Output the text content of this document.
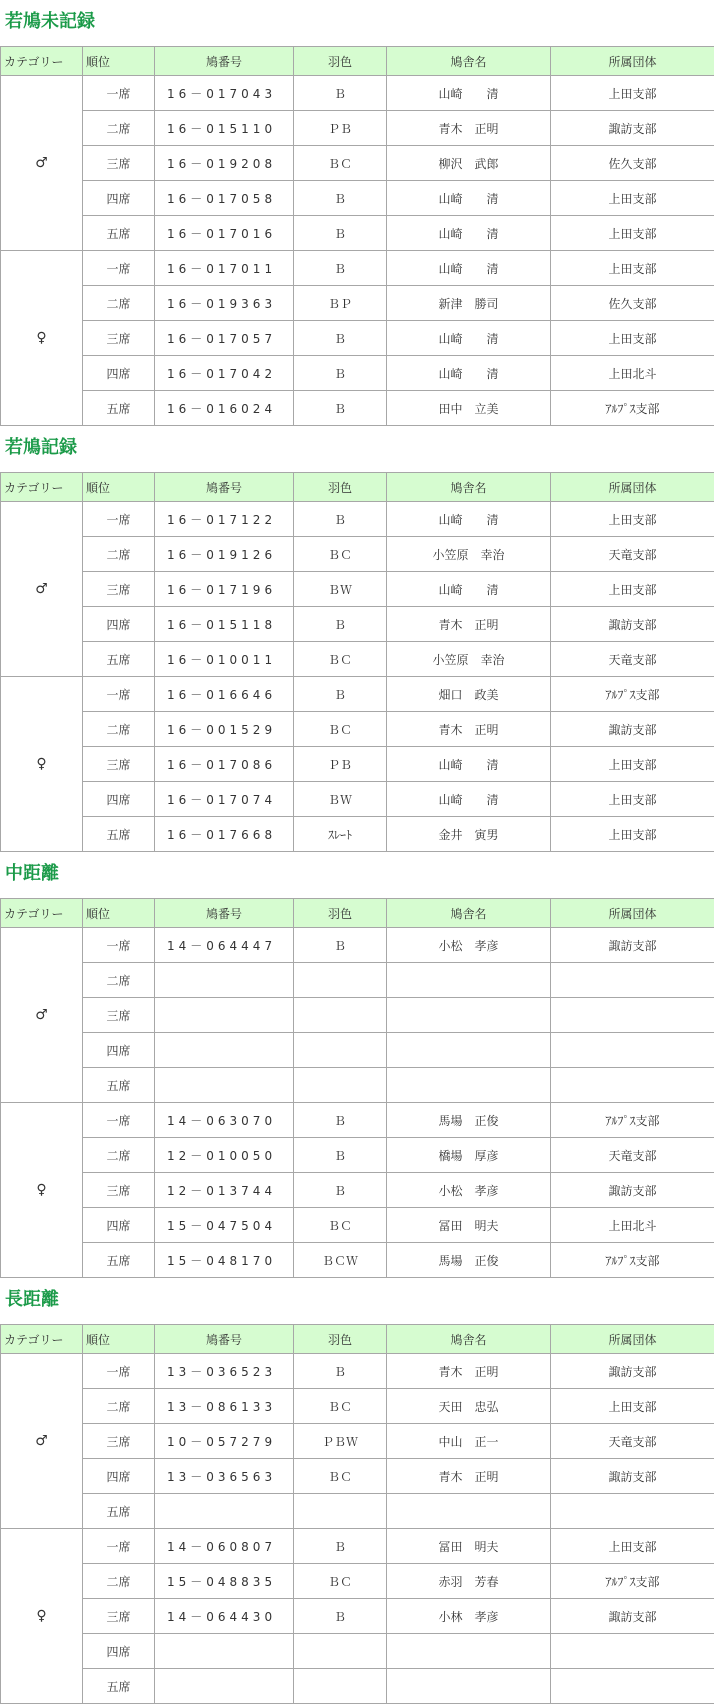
若鳩未記録
カテゴリー	順位	鳩番号	羽色	鳩舎名	所属団体
♂	一席	16－017043	Ｂ	山崎　　清	上田支部
	二席	16－015110	ＰＢ	青木　正明	諏訪支部
	三席	16－019208	ＢＣ	柳沢　武郎	佐久支部
	四席	16－017058	Ｂ	山崎　　清	上田支部
	五席	16－017016	Ｂ	山崎　　清	上田支部
♀	一席	16－017011	Ｂ	山崎　　清	上田支部
	二席	16－019363	ＢＰ	新津　勝司	佐久支部
	三席	16－017057	Ｂ	山崎　　清	上田支部
	四席	16－017042	Ｂ	山崎　　清	上田北斗
	五席	16－016024	Ｂ	田中　立美	ｱﾙﾌﾟｽ支部
若鳩記録
カテゴリー	順位	鳩番号	羽色	鳩舎名	所属団体
♂	一席	16－017122	Ｂ	山崎　　清	上田支部
	二席	16－019126	ＢＣ	小笠原　幸治	天竜支部
	三席	16－017196	ＢＷ	山崎　　清	上田支部
	四席	16－015118	Ｂ	青木　正明	諏訪支部
	五席	16－010011	ＢＣ	小笠原　幸治	天竜支部
♀	一席	16－016646	Ｂ	畑口　政美	ｱﾙﾌﾟｽ支部
	二席	16－001529	ＢＣ	青木　正明	諏訪支部
	三席	16－017086	ＰＢ	山崎　　清	上田支部
	四席	16－017074	ＢＷ	山崎　　清	上田支部
	五席	16－017668	ｽﾚｰﾄ	金井　寅男	上田支部
中距離
カテゴリー	順位	鳩番号	羽色	鳩舎名	所属団体
♂	一席	14－064447	Ｂ	小松　孝彦	諏訪支部
	二席				
	三席				
	四席				
	五席				
♀	一席	14－063070	Ｂ	馬場　正俊	ｱﾙﾌﾟｽ支部
	二席	12－010050	Ｂ	橋場　厚彦	天竜支部
	三席	12－013744	Ｂ	小松　孝彦	諏訪支部
	四席	15－047504	ＢＣ	冨田　明夫	上田北斗
	五席	15－048170	ＢＣＷ	馬場　正俊	ｱﾙﾌﾟｽ支部
長距離
カテゴリー	順位	鳩番号	羽色	鳩舎名	所属団体
♂	一席	13－036523	Ｂ	青木　正明	諏訪支部
	二席	13－086133	ＢＣ	天田　忠弘	上田支部
	三席	10－057279	ＰＢＷ	中山　正一	天竜支部
	四席	13－036563	ＢＣ	青木　正明	諏訪支部
	五席				
♀	一席	14－060807	Ｂ	冨田　明夫	上田支部
	二席	15－048835	ＢＣ	赤羽　芳春	ｱﾙﾌﾟｽ支部
	三席	14－064430	Ｂ	小林　孝彦	諏訪支部
	四席				
	五席				
